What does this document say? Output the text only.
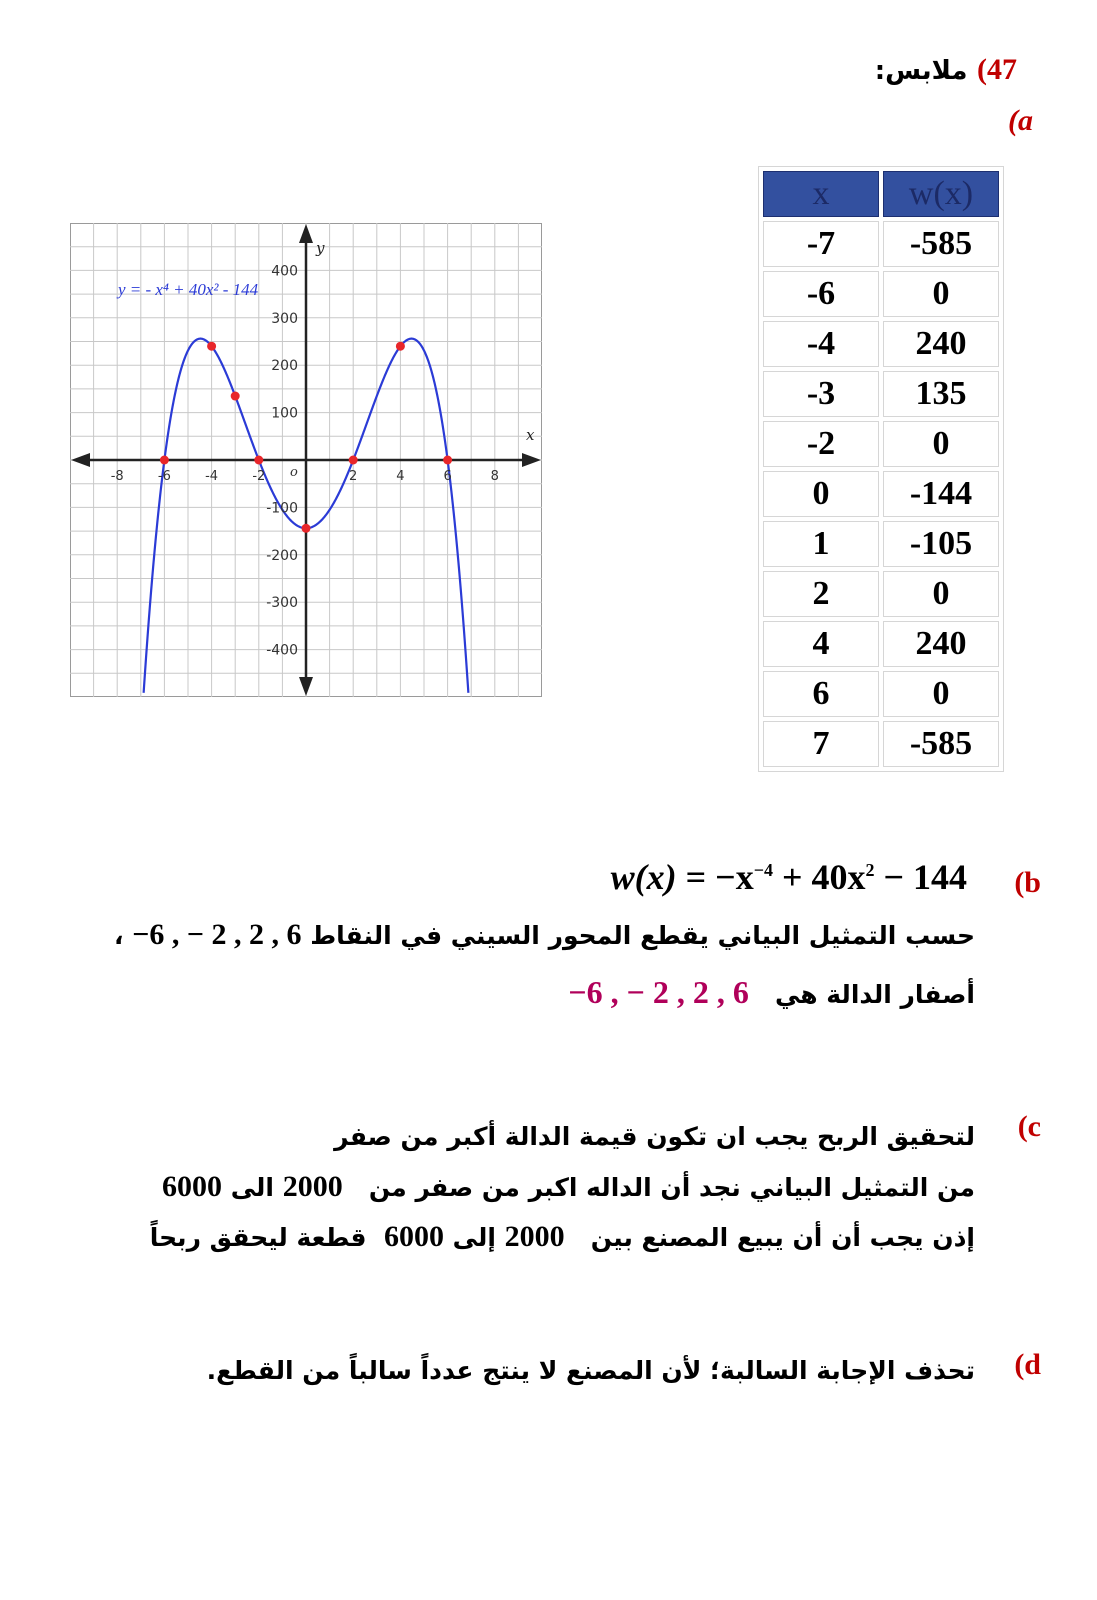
47) ملابس:
(a
x	w(x)
-7	-585
-6	0
-4	240
-3	135
-2	0
0	-144
1	-105
2	0
4	240
6	0
7	-585
-8	-6	-4	-2	2	4	6	8
400
300
200
100
-100
-200
-300
-400
o
x
y
y = - x⁴ + 40x² - 144
(b
$w(x) = -x^{-4} + 40x^2 - 144$
حسب التمثيل البياني يقطع المحور السيني في النقاط −6 , − 2 , 2 , 6 ،
أصفار الدالة هي   −6 , − 2 , 2 , 6
(c
لتحقيق الربح يجب ان تكون قيمة الدالة أكبر من صفر
من التمثيل البياني نجد أن الداله اكبر من صفر من   2000 الى 6000
إذن يجب أن أن يبيع المصنع بين   2000 إلى 6000  قطعة ليحقق ربحاً
(d
تحذف الإجابة السالبة؛ لأن المصنع لا ينتج عدداً سالباً من القطع.
